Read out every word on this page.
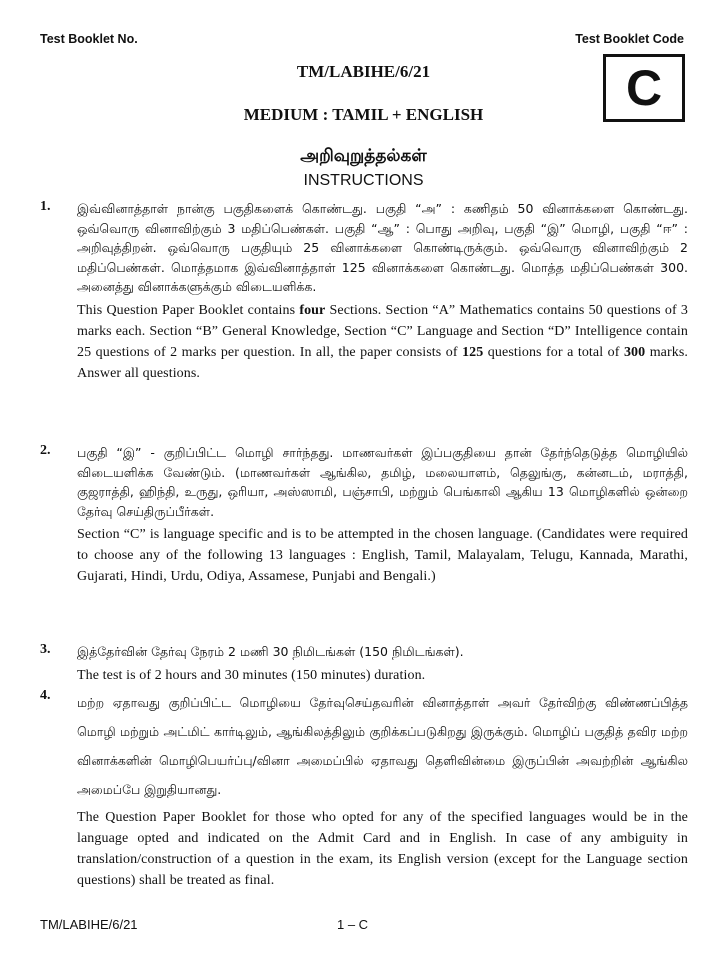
Test Booklet No.	Test Booklet Code
C
TM/LABIHE/6/21
MEDIUM : TAMIL + ENGLISH
அறிவுறுத்தல்கள்
INSTRUCTIONS
1. இவ்வினாத்தாள் நான்கு பகுதிகளைக் கொண்டது. பகுதி “அ” : கணிதம் 50 வினாக்களை கொண்டது. ஒவ்வொரு வினாவிற்கும் 3 மதிப்பெண்கள். பகுதி “ஆ” : பொது அறிவு, பகுதி “இ” மொழி, பகுதி “ஈ” : அறிவுத்திறன். ஒவ்வொரு பகுதியும் 25 வினாக்களை கொண்டிருக்கும். ஒவ்வொரு வினாவிற்கும் 2 மதிப்பெண்கள். மொத்தமாக இவ்வினாத்தாள் 125 வினாக்களை கொண்டது. மொத்த மதிப்பெண்கள் 300. அனைத்து வினாக்களுக்கும் விடையளிக்க.

This Question Paper Booklet contains four Sections. Section “A” Mathematics contains 50 questions of 3 marks each. Section “B” General Knowledge, Section “C” Language and Section “D” Intelligence contain 25 questions of 2 marks per question. In all, the paper consists of 125 questions for a total of 300 marks. Answer all questions.

2. பகுதி “இ” - குறிப்பிட்ட மொழி சார்ந்தது. மாணவர்கள் இப்பகுதியை தான் தேர்ந்தெடுத்த மொழியில் விடையளிக்க வேண்டும். (மாணவர்கள் ஆங்கில, தமிழ், மலையாளம், தெலுங்கு, கன்னடம், மராத்தி, குஜராத்தி, ஹிந்தி, உருது, ஒரியா, அஸ்ஸாமி, பஞ்சாபி, மற்றும் பெங்காலி ஆகிய 13 மொழிகளில் ஒன்றை தேர்வு செய்திருப்பீர்கள்.

Section “C” is language specific and is to be attempted in the chosen language. (Candidates were required to choose any of the following 13 languages : English, Tamil, Malayalam, Telugu, Kannada, Marathi, Gujarati, Hindi, Urdu, Odiya, Assamese, Punjabi and Bengali.)

3. இத்தேர்வின் தேர்வு நேரம் 2 மணி 30 நிமிடங்கள் (150 நிமிடங்கள்).

The test is of 2 hours and 30 minutes (150 minutes) duration.

4. மற்ற ஏதாவது குறிப்பிட்ட மொழியை தேர்வுசெய்தவரின் வினாத்தாள் அவர் தேர்விற்கு விண்ணப்பித்த மொழி மற்றும் அட்மிட் கார்டிலும், ஆங்கிலத்திலும் குறிக்கப்படுகிறது இருக்கும். மொழிப் பகுதித் தவிர மற்ற வினாக்களின் மொழிபெயர்ப்பு/வினா அமைப்பில் ஏதாவது தெளிவின்மை இருப்பின் அவற்றின் ஆங்கில அமைப்பே இறுதியானது.

The Question Paper Booklet for those who opted for any of the specified languages would be in the language opted and indicated on the Admit Card and in English. In case of any ambiguity in translation/construction of a question in the exam, its English version (except for the Language section questions) shall be treated as final.

TM/LABIHE/6/21	1 – C
